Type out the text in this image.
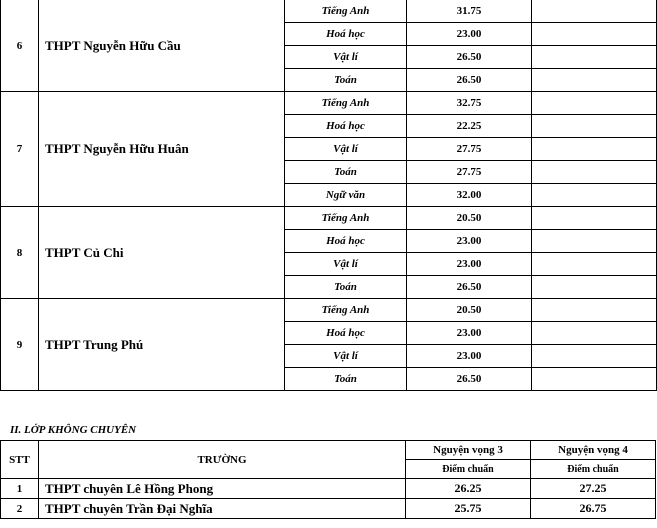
6	THPT Nguyễn Hữu Cầu	Tiếng Anh	31.75	
		Hoá học	23.00	
		Vật lí	26.50	
		Toán	26.50	
7	THPT Nguyễn Hữu Huân	Tiếng Anh	32.75	
		Hoá học	22.25	
		Vật lí	27.75	
		Toán	27.75	
		Ngữ văn	32.00	
8	THPT Củ Chi	Tiếng Anh	20.50	
		Hoá học	23.00	
		Vật lí	23.00	
		Toán	26.50	
9	THPT Trung Phú	Tiếng Anh	20.50	
		Hoá học	23.00	
		Vật lí	23.00	
		Toán	26.50	

II. LỚP KHÔNG CHUYÊN

STT	TRƯỜNG	Nguyện vọng 3	Nguyện vọng 4
		Điểm chuẩn	Điểm chuẩn
1	THPT chuyên Lê Hồng Phong	26.25	27.25
2	THPT chuyên Trần Đại Nghĩa	25.75	26.75
